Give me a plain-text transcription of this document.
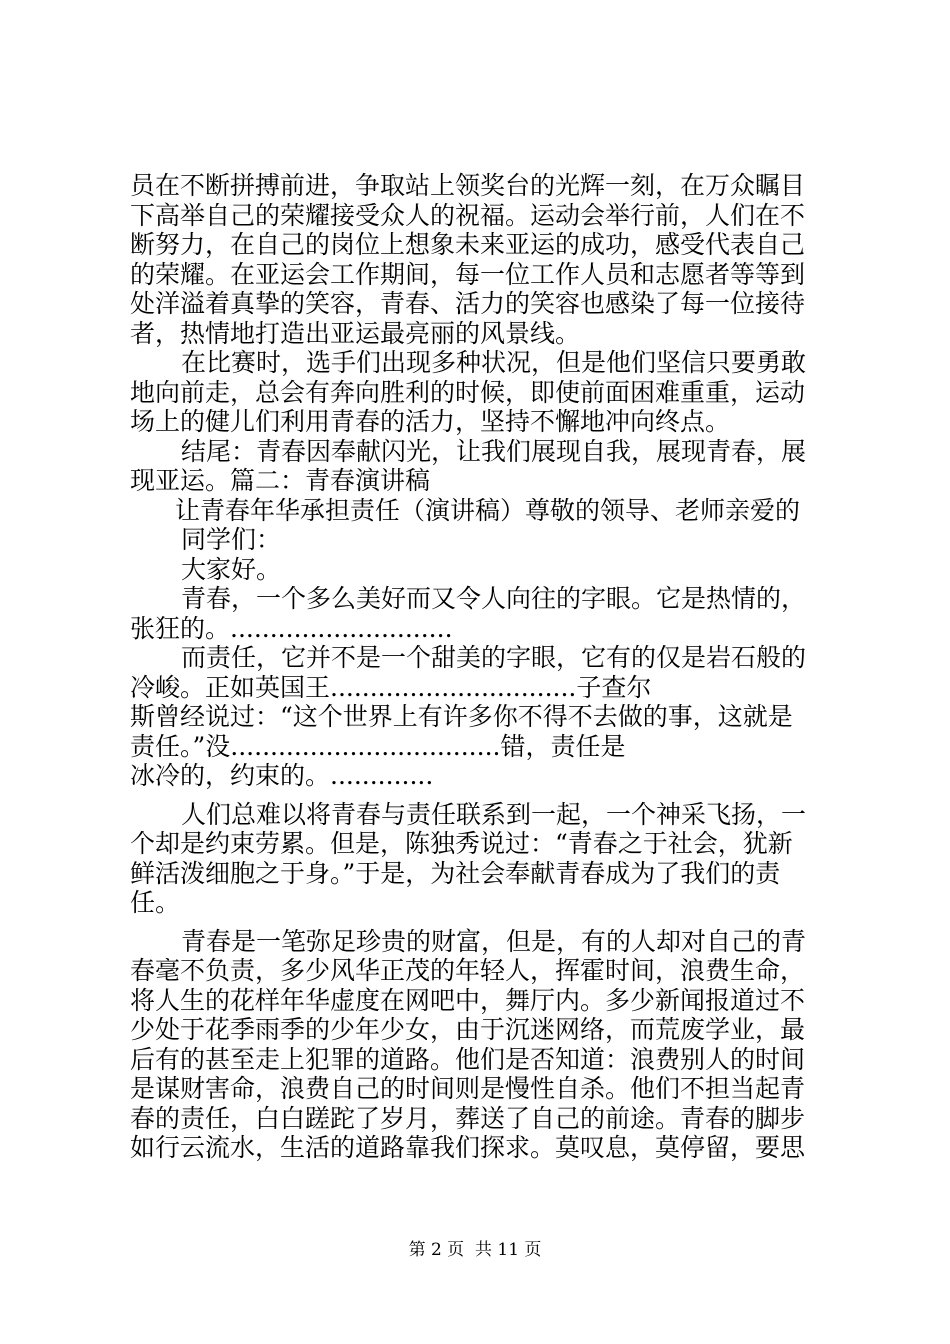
员在不断拼搏前进，争取站上领奖台的光辉一刻，在万众瞩目
下高举自己的荣耀接受众人的祝福。运动会举行前，人们在不
断努力，在自己的岗位上想象未来亚运的成功，感受代表自己
的荣耀。在亚运会工作期间，每一位工作人员和志愿者等等到
处洋溢着真挚的笑容，青春、活力的笑容也感染了每一位接待
者，热情地打造出亚运最亮丽的风景线。
在比赛时，选手们出现多种状况，但是他们坚信只要勇敢
地向前走，总会有奔向胜利的时候，即使前面困难重重，运动
场上的健儿们利用青春的活力，坚持不懈地冲向终点。
结尾：青春因奉献闪光，让我们展现自我，展现青春，展
现亚运。篇二：青春演讲稿
让青春年华承担责任（演讲稿）尊敬的领导、老师亲爱的
同学们：
大家好。
青春，一个多么美好而又令人向往的字眼。它是热情的，
张狂的。............................
而责任，它并不是一个甜美的字眼，它有的仅是岩石般的
冷峻。正如英国王...............................子查尔
斯曾经说过：“这个世界上有许多你不得不去做的事，这就是
责任。”没..................................错，责任是
冰冷的，约束的。.............
人们总难以将青春与责任联系到一起，一个神采飞扬，一
个却是约束劳累。但是，陈独秀说过：“青春之于社会，犹新
鲜活泼细胞之于身。”于是，为社会奉献青春成为了我们的责
任。
青春是一笔弥足珍贵的财富，但是，有的人却对自己的青
春毫不负责，多少风华正茂的年轻人，挥霍时间，浪费生命，
将人生的花样年华虚度在网吧中，舞厅内。多少新闻报道过不
少处于花季雨季的少年少女，由于沉迷网络，而荒废学业，最
后有的甚至走上犯罪的道路。他们是否知道：浪费别人的时间
是谋财害命，浪费自己的时间则是慢性自杀。他们不担当起青
春的责任，白白蹉跎了岁月，葬送了自己的前途。青春的脚步
如行云流水，生活的道路靠我们探求。莫叹息，莫停留，要思
第 2 页  共 11 页
